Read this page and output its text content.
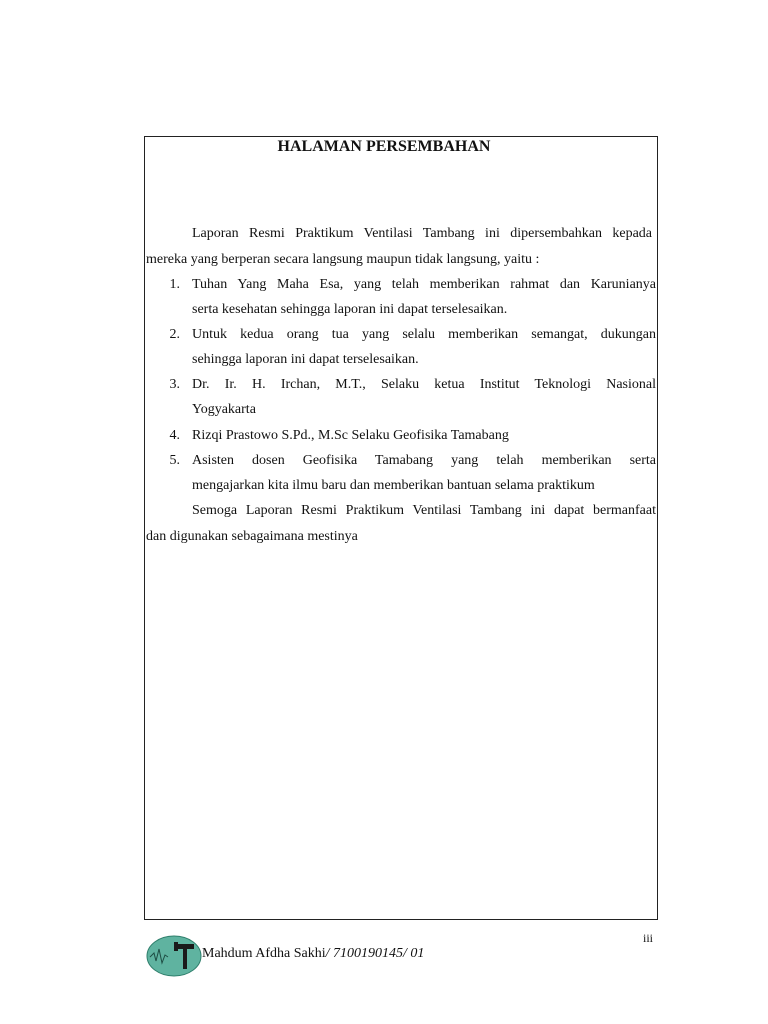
HALAMAN PERSEMBAHAN
Laporan Resmi Praktikum Ventilasi Tambang ini dipersembahkan kepada
mereka yang berperan secara langsung maupun tidak langsung, yaitu :
1. Tuhan Yang Maha Esa, yang telah memberikan rahmat dan Karunianya
serta kesehatan sehingga laporan ini dapat terselesaikan.
2. Untuk kedua orang tua yang selalu memberikan semangat, dukungan
sehingga laporan ini dapat terselesaikan.
3. Dr. Ir. H. Irchan, M.T., Selaku ketua Institut Teknologi Nasional
Yogyakarta
4. Rizqi Prastowo S.Pd., M.Sc Selaku Geofisika Tamabang
5. Asisten dosen Geofisika Tamabang yang telah memberikan serta
mengajarkan kita ilmu baru dan memberikan bantuan selama praktikum
Semoga Laporan Resmi Praktikum Ventilasi Tambang ini dapat bermanfaat
dan digunakan sebagaimana mestinya
iii
Mahdum Afdha Sakhi/ 7100190145/ 01
